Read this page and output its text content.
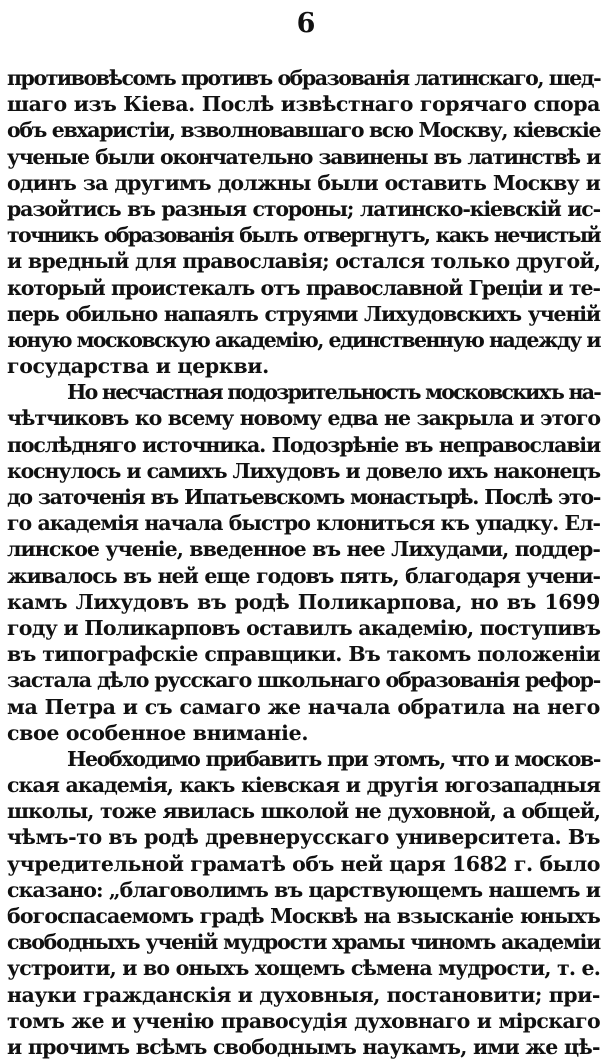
6
противовѣсомъ противъ образованія латинскаго, шед-
шаго изъ Кіева. Послѣ извѣстнаго горячаго спора
объ евхаристіи, взволновавшаго всю Москву, кіевскіе
ученые были окончательно завинены въ латинствѣ и
одинъ за другимъ должны были оставить Москву и
разойтись въ разныя стороны; латинско-кіевскій ис-
точникъ образованія былъ отвергнутъ, какъ нечистый
и вредный для православія; остался только другой,
который проистекалъ отъ православной Греціи и те-
перь обильно напаялъ струями Лихудовскихъ ученій
юную московскую академію, единственную надежду и
государства и церкви.
Но несчастная подозрительность московскихъ на-
чѣтчиковъ ко всему новому едва не закрыла и этого
послѣдняго источника. Подозрѣніе въ неправославіи
коснулось и самихъ Лихудовъ и довело ихъ наконецъ
до заточенія въ Ипатьевскомъ монастырѣ. Послѣ это-
го академія начала быстро клониться къ упадку. Ел-
линское ученіе, введенное въ нее Лихудами, поддер-
живалось въ ней еще годовъ пять, благодаря учени-
камъ Лихудовъ въ родѣ Поликарпова, но въ 1699
году и Поликарповъ оставилъ академію, поступивъ
въ типографскіе справщики. Въ такомъ положеніи
застала дѣло русскаго школьнаго образованія рефор-
ма Петра и съ самаго же начала обратила на него
свое особенное вниманіе.
Необходимо прибавить при этомъ, что и москов-
ская академія, какъ кіевская и другія югозападныя
школы, тоже явилась школой не духовной, а общей,
чѣмъ-то въ родѣ древнерусскаго университета. Въ
учредительной граматѣ объ ней царя 1682 г. было
сказано: „благоволимъ въ царствующемъ нашемъ и
богоспасаемомъ градѣ Москвѣ на взысканіе юныхъ
свободныхъ ученій мудрости храмы чиномъ академіи
устроити, и во оныхъ хощемъ сѣмена мудрости, т. е.
науки гражданскія и духовныя, постановити; при-
томъ же и ученію правосудія духовнаго и мірскаго
и прочимъ всѣмъ свободнымъ наукамъ, ими же цѣ-
